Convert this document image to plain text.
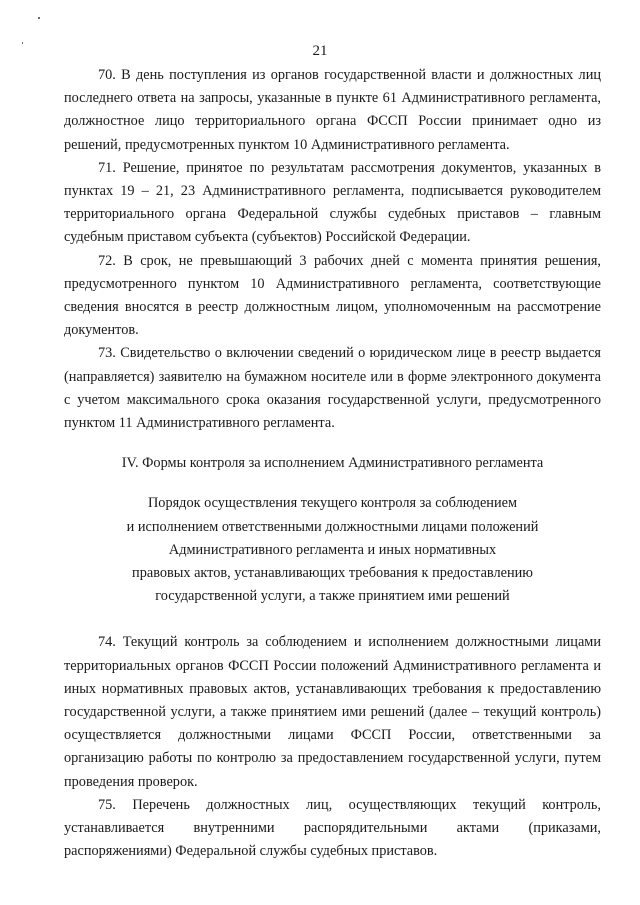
21

70. В день поступления из органов государственной власти и должностных лиц последнего ответа на запросы, указанные в пункте 61 Административного регламента, должностное лицо территориального органа ФССП России принимает одно из решений, предусмотренных пунктом 10 Административного регламента.

71. Решение, принятое по результатам рассмотрения документов, указанных в пунктах 19 – 21, 23 Административного регламента, подписывается руководителем территориального органа Федеральной службы судебных приставов – главным судебным приставом субъекта (субъектов) Российской Федерации.

72. В срок, не превышающий 3 рабочих дней с момента принятия решения, предусмотренного пунктом 10 Административного регламента, соответствующие сведения вносятся в реестр должностным лицом, уполномоченным на рассмотрение документов.

73. Свидетельство о включении сведений о юридическом лице в реестр выдается (направляется) заявителю на бумажном носителе или в форме электронного документа с учетом максимального срока оказания государственной услуги, предусмотренного пунктом 11 Административного регламента.

IV. Формы контроля за исполнением Административного регламента

Порядок осуществления текущего контроля за соблюдением
и исполнением ответственными должностными лицами положений
Административного регламента и иных нормативных
правовых актов, устанавливающих требования к предоставлению
государственной услуги, а также принятием ими решений

74. Текущий контроль за соблюдением и исполнением должностными лицами территориальных органов ФССП России положений Административного регламента и иных нормативных правовых актов, устанавливающих требования к предоставлению государственной услуги, а также принятием ими решений (далее – текущий контроль) осуществляется должностными лицами ФССП России, ответственными за организацию работы по контролю за предоставлением государственной услуги, путем проведения проверок.

75. Перечень должностных лиц, осуществляющих текущий контроль, устанавливается внутренними распорядительными актами (приказами, распоряжениями) Федеральной службы судебных приставов.
